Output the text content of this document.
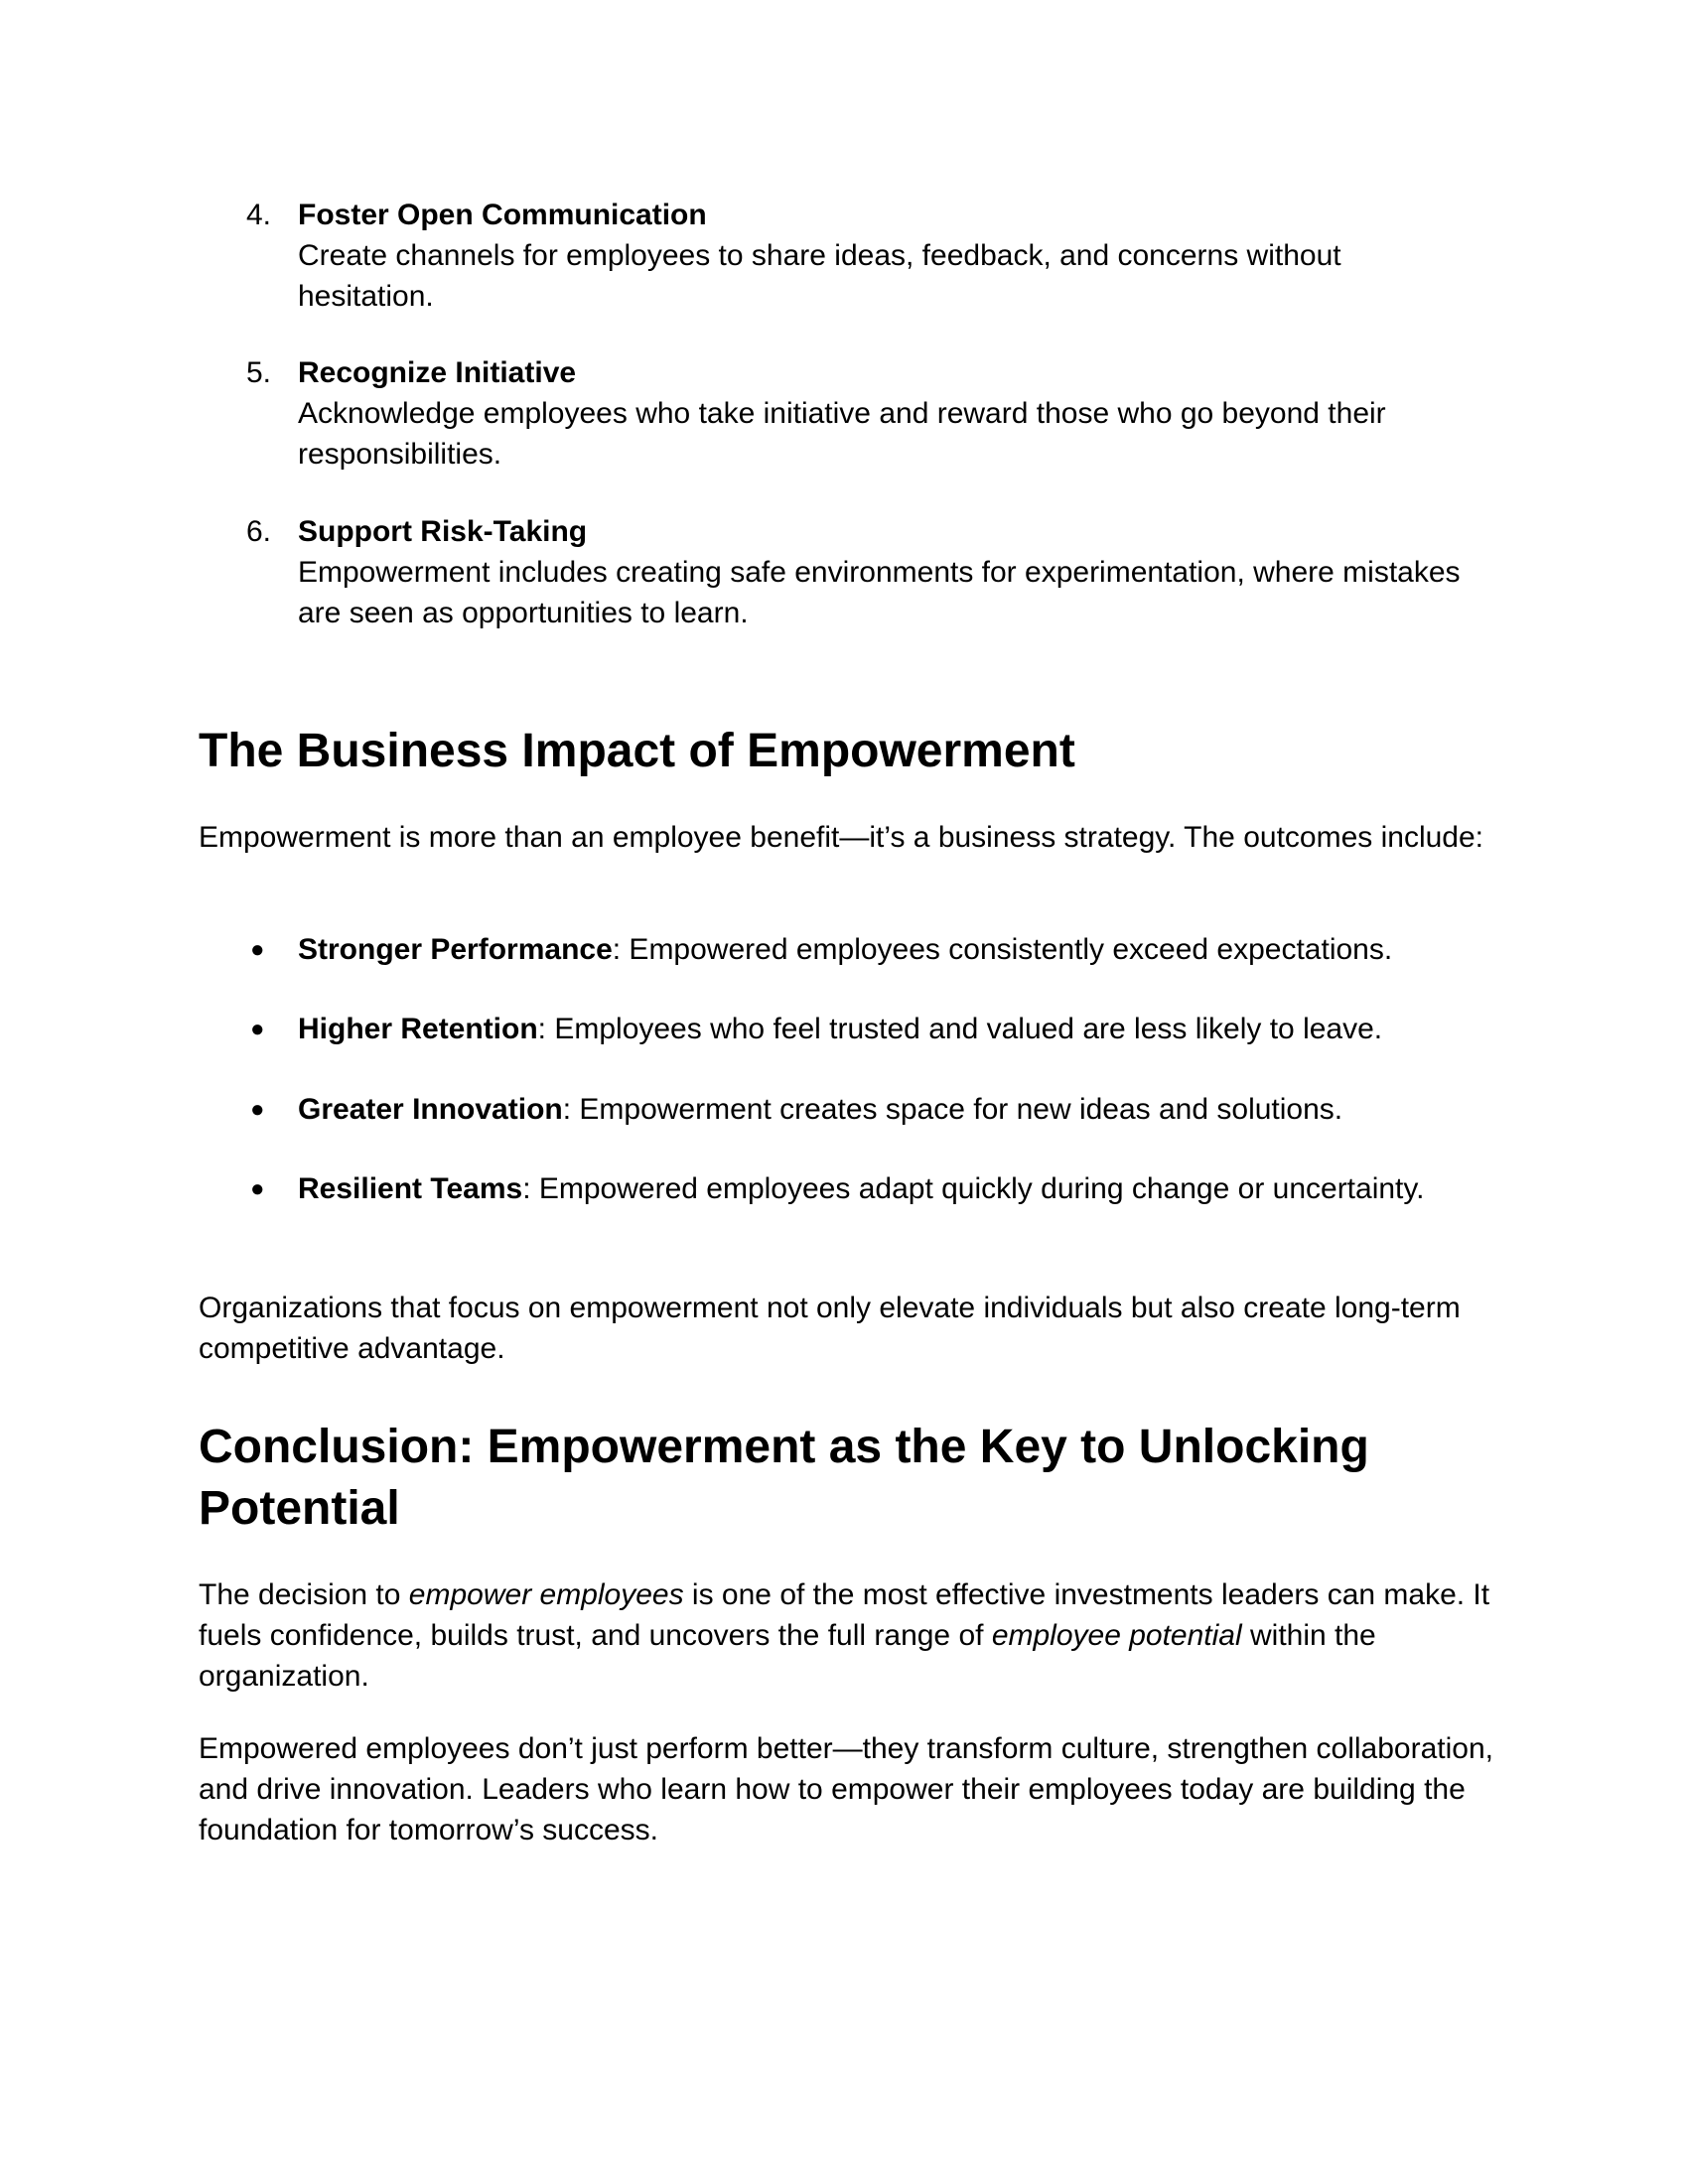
4. Foster Open Communication
Create channels for employees to share ideas, feedback, and concerns without hesitation.
5. Recognize Initiative
Acknowledge employees who take initiative and reward those who go beyond their responsibilities.
6. Support Risk-Taking
Empowerment includes creating safe environments for experimentation, where mistakes are seen as opportunities to learn.
The Business Impact of Empowerment

Empowerment is more than an employee benefit—it’s a business strategy. The outcomes include:

● Stronger Performance: Empowered employees consistently exceed expectations.
● Higher Retention: Employees who feel trusted and valued are less likely to leave.
● Greater Innovation: Empowerment creates space for new ideas and solutions.
● Resilient Teams: Empowered employees adapt quickly during change or uncertainty.

Organizations that focus on empowerment not only elevate individuals but also create long-term competitive advantage.

Conclusion: Empowerment as the Key to Unlocking Potential

The decision to empower employees is one of the most effective investments leaders can make. It fuels confidence, builds trust, and uncovers the full range of employee potential within the organization.

Empowered employees don’t just perform better—they transform culture, strengthen collaboration, and drive innovation. Leaders who learn how to empower their employees today are building the foundation for tomorrow’s success.
